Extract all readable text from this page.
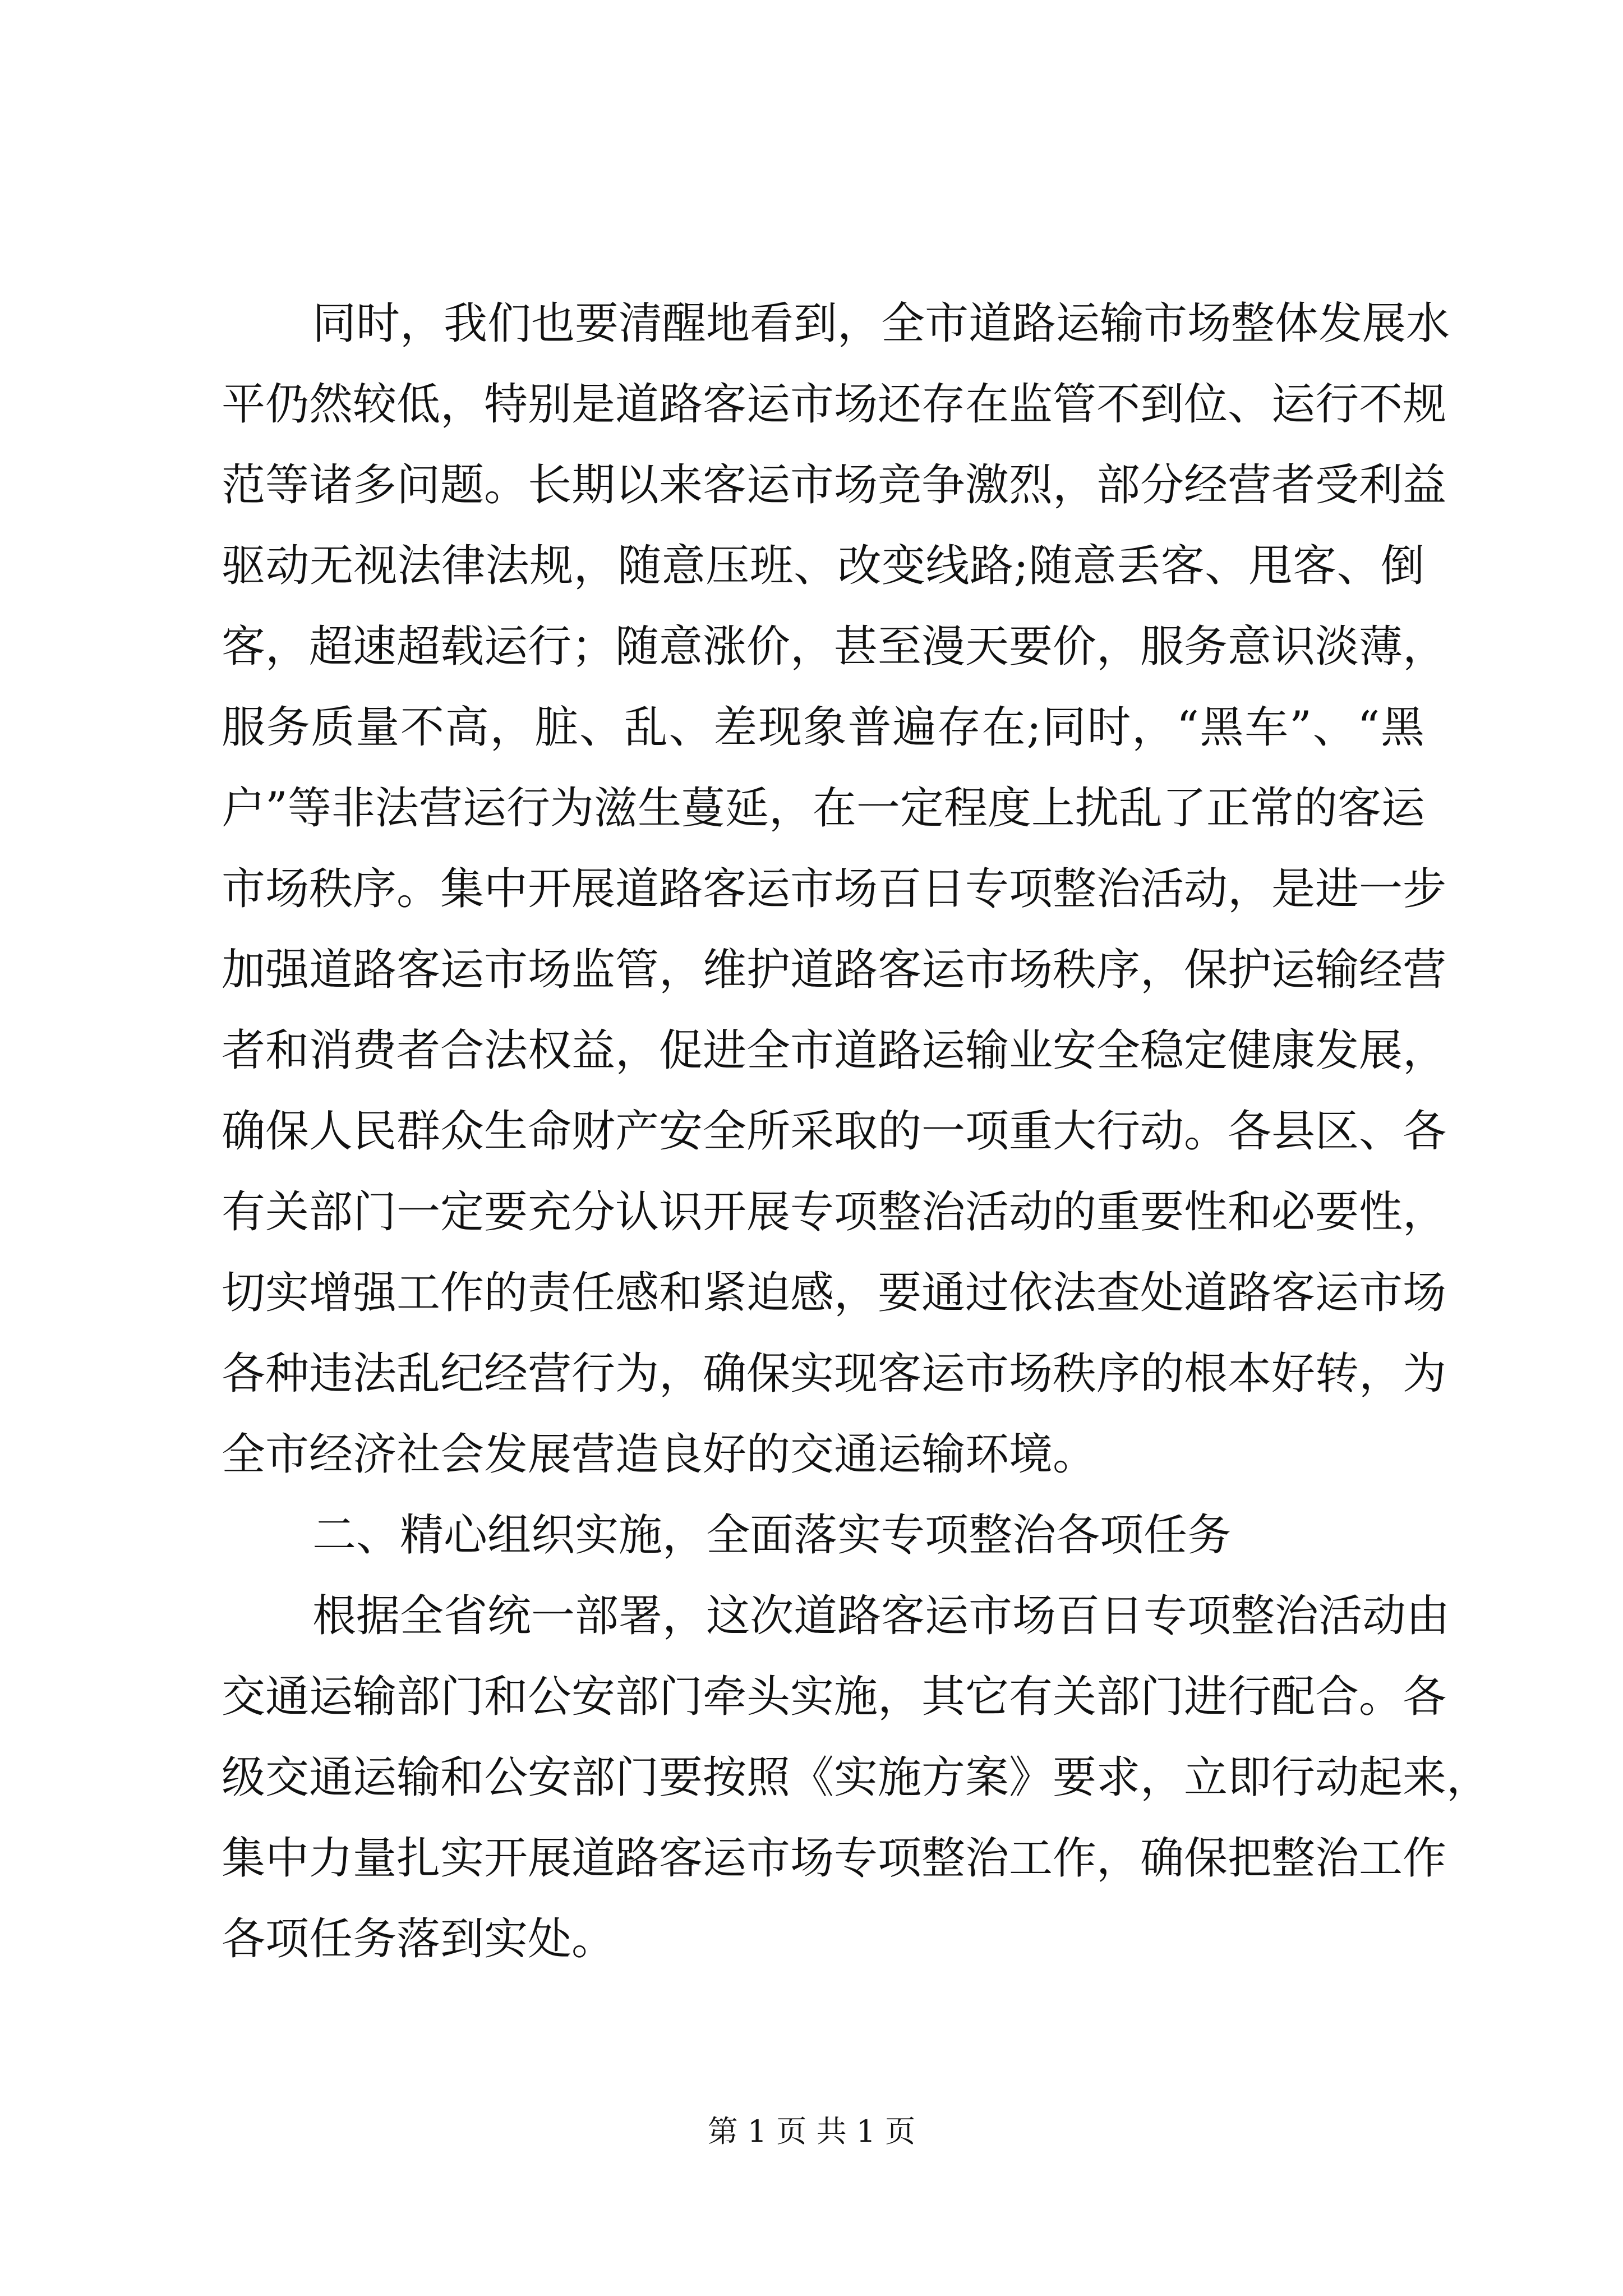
同时，我们也要清醒地看到，全市道路运输市场整体发展水
平仍然较低，特别是道路客运市场还存在监管不到位、运行不规
范等诸多问题。长期以来客运市场竞争激烈，部分经营者受利益
驱动无视法律法规，随意压班、改变线路;随意丢客、甩客、倒
客，超速超载运行；随意涨价，甚至漫天要价，服务意识淡薄，
服务质量不高，脏、乱、差现象普遍存在;同时，“黑车”、“黑
户”等非法营运行为滋生蔓延，在一定程度上扰乱了正常的客运
市场秩序。集中开展道路客运市场百日专项整治活动，是进一步
加强道路客运市场监管，维护道路客运市场秩序，保护运输经营
者和消费者合法权益，促进全市道路运输业安全稳定健康发展，
确保人民群众生命财产安全所采取的一项重大行动。各县区、各
有关部门一定要充分认识开展专项整治活动的重要性和必要性，
切实增强工作的责任感和紧迫感，要通过依法查处道路客运市场
各种违法乱纪经营行为，确保实现客运市场秩序的根本好转，为
全市经济社会发展营造良好的交通运输环境。
二、精心组织实施，全面落实专项整治各项任务
根据全省统一部署，这次道路客运市场百日专项整治活动由
交通运输部门和公安部门牵头实施，其它有关部门进行配合。各
级交通运输和公安部门要按照《实施方案》要求，立即行动起来，
集中力量扎实开展道路客运市场专项整治工作，确保把整治工作
各项任务落到实处。
第 1 页 共 1 页
